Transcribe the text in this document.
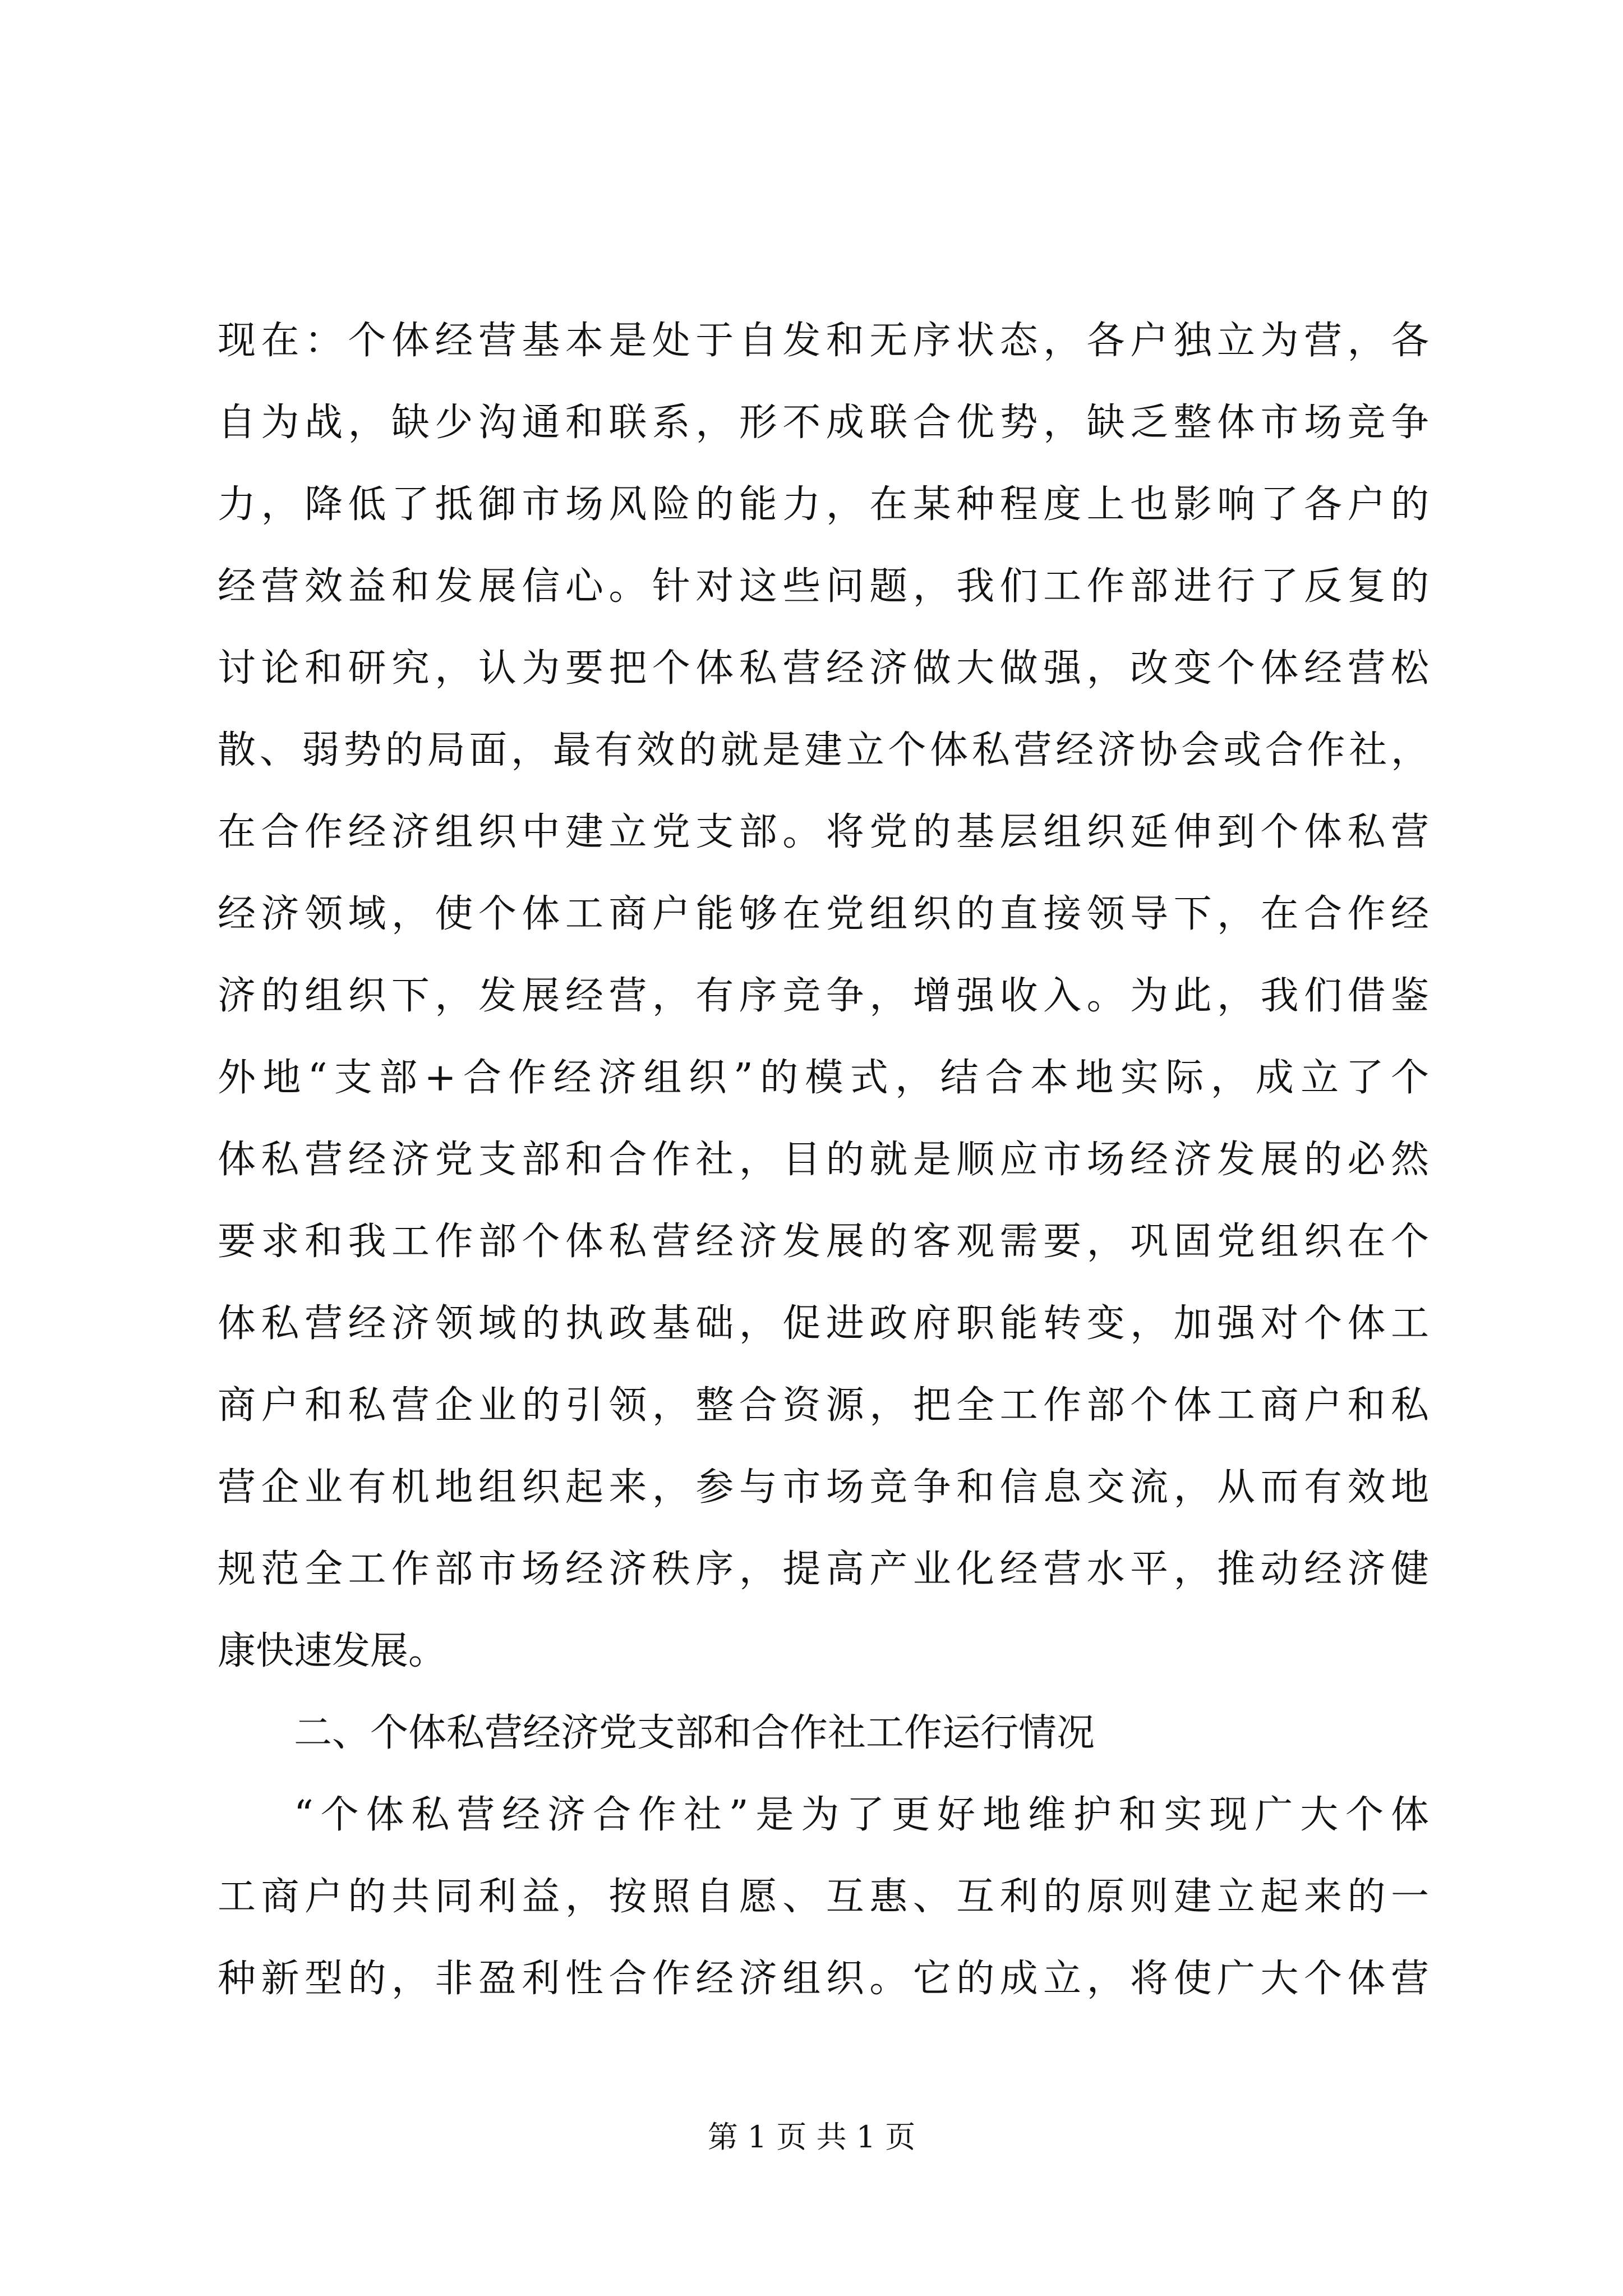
现在：个体经营基本是处于自发和无序状态，各户独立为营，各
自为战，缺少沟通和联系，形不成联合优势，缺乏整体市场竞争
力，降低了抵御市场风险的能力，在某种程度上也影响了各户的
经营效益和发展信心。针对这些问题，我们工作部进行了反复的
讨论和研究，认为要把个体私营经济做大做强，改变个体经营松
散、弱势的局面，最有效的就是建立个体私营经济协会或合作社，
在合作经济组织中建立党支部。将党的基层组织延伸到个体私营
经济领域，使个体工商户能够在党组织的直接领导下，在合作经
济的组织下，发展经营，有序竞争，增强收入。为此，我们借鉴
外地“支部+合作经济组织”的模式，结合本地实际，成立了个
体私营经济党支部和合作社，目的就是顺应市场经济发展的必然
要求和我工作部个体私营经济发展的客观需要，巩固党组织在个
体私营经济领域的执政基础，促进政府职能转变，加强对个体工
商户和私营企业的引领，整合资源，把全工作部个体工商户和私
营企业有机地组织起来，参与市场竞争和信息交流，从而有效地
规范全工作部市场经济秩序，提高产业化经营水平，推动经济健
康快速发展。
二、个体私营经济党支部和合作社工作运行情况
“个体私营经济合作社”是为了更好地维护和实现广大个体
工商户的共同利益，按照自愿、互惠、互利的原则建立起来的一
种新型的，非盈利性合作经济组织。它的成立，将使广大个体营
第 1 页 共 1 页
